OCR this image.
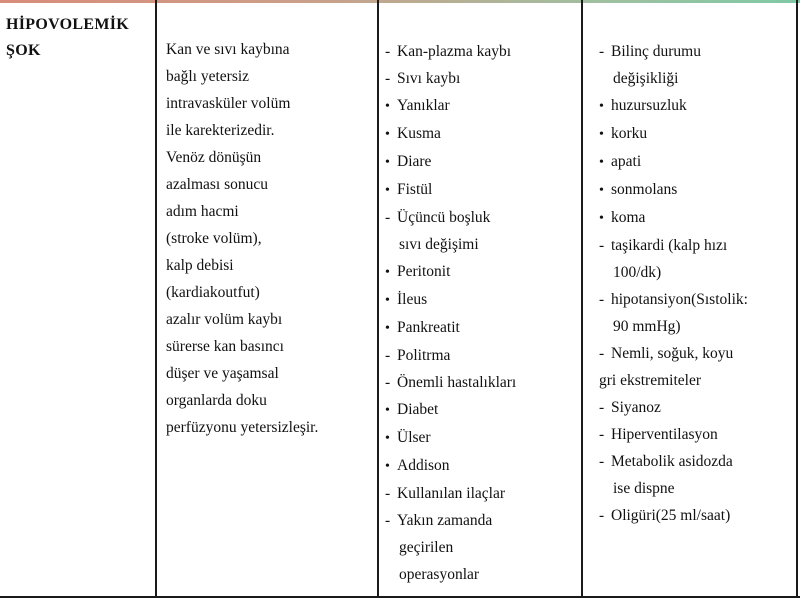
HİPOVOLEMİK
ŞOK	Kan ve sıvı kaybına
bağlı yetersiz
intravasküler volüm
ile karekterizedir.
Venöz dönüşün
azalması sonucu
adım hacmi
(stroke volüm),
kalp debisi
(kardiakoutfut)
azalır volüm kaybı
sürerse kan basıncı
düşer ve yaşamsal
organlarda doku
perfüzyonu yetersizleşir.
- Kan-plazma kaybı
- Sıvı kaybı
• Yanıklar
• Kusma
• Diare
• Fistül
- Üçüncü boşluk
sıvı değişimi
• Peritonit
• İleus
• Pankreatit
- Politrma
- Önemli hastalıkları
• Diabet
• Ülser
• Addison
- Kullanılan ilaçlar
- Yakın zamanda
geçirilen
operasyonlar
- Bilinç durumu
değişikliği
• huzursuzluk
• korku
• apati
• sonmolans
• koma
- taşikardi (kalp hızı
100/dk)
- hipotansiyon(Sıstolik:
90 mmHg)
- Nemli, soğuk, koyu
gri ekstremiteler
- Siyanoz
- Hiperventilasyon
- Metabolik asidozda
ise dispne
- Oligüri(25 ml/saat)
